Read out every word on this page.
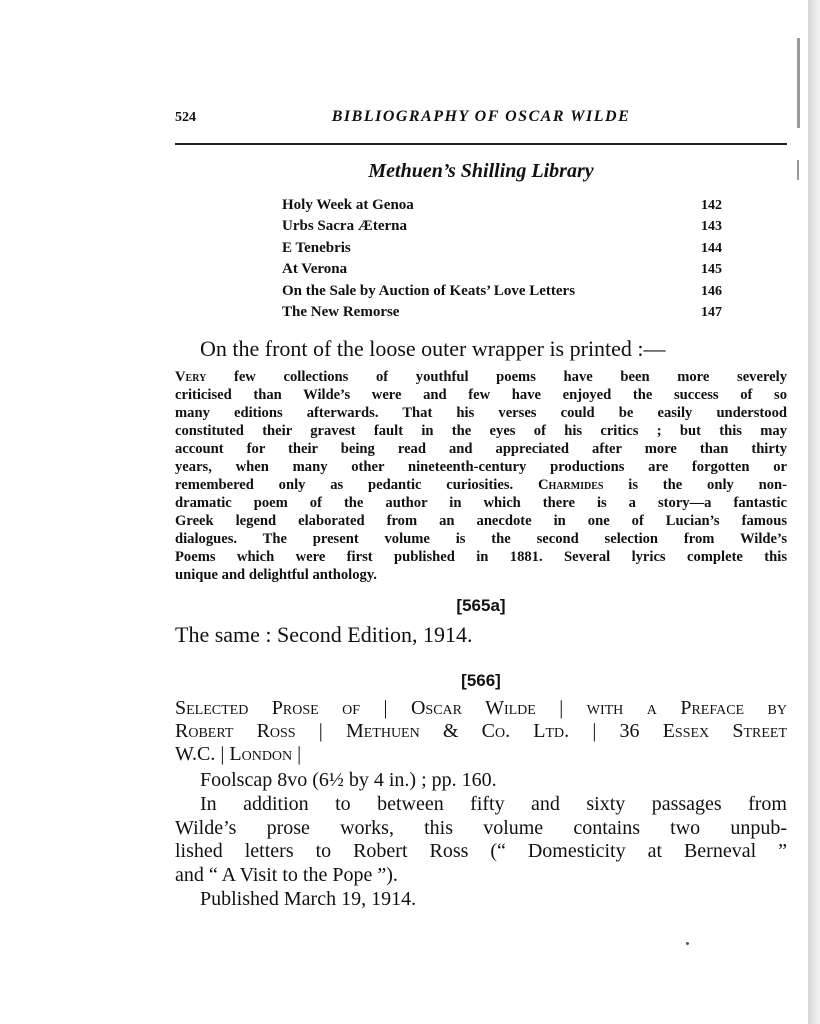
524	BIBLIOGRAPHY OF OSCAR WILDE
Methuen’s Shilling Library
Holy Week at Genoa	142
Urbs Sacra Æterna	143
E Tenebris	144
At Verona	145
On the Sale by Auction of Keats’ Love Letters	146
The New Remorse	147
On the front of the loose outer wrapper is printed :—
Very few collections of youthful poems have been more severely
criticised than Wilde’s were and few have enjoyed the success of so
many editions afterwards. That his verses could be easily understood
constituted their gravest fault in the eyes of his critics ; but this may
account for their being read and appreciated after more than thirty
years, when many other nineteenth-century productions are forgotten or
remembered only as pedantic curiosities. Charmides is the only non-
dramatic poem of the author in which there is a story—a fantastic
Greek legend elaborated from an anecdote in one of Lucian’s famous
dialogues. The present volume is the second selection from Wilde’s
Poems which were first published in 1881. Several lyrics complete this
unique and delightful anthology.
[565a]
The same : Second Edition, 1914.
[566]
Selected Prose of | Oscar Wilde | with a Preface by
Robert Ross | Methuen & Co. Ltd. | 36 Essex Street
W.C. | London |
Foolscap 8vo (6½ by 4 in.) ; pp. 160.
In addition to between fifty and sixty passages from
Wilde’s prose works, this volume contains two unpub-
lished letters to Robert Ross (“ Domesticity at Berneval ”
and “ A Visit to the Pope ”).
Published March 19, 1914.
